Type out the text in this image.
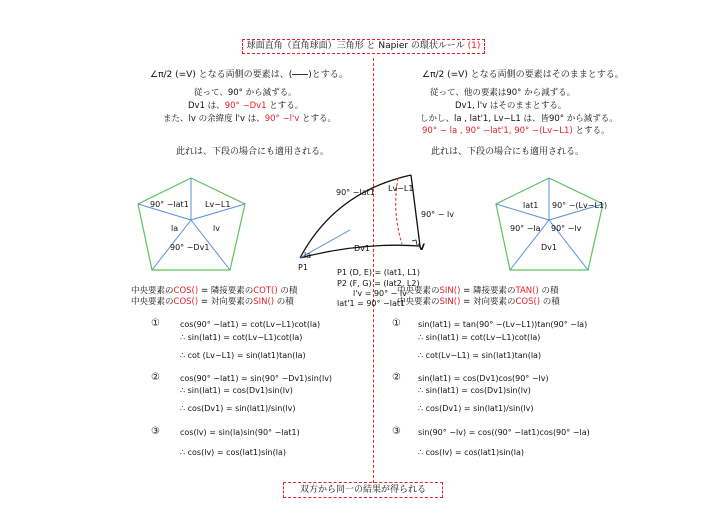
球面直角（直角球面）三角形 と Napier の環状ルール (1)
∠π/2 (=V) となる両側の要素は、( )とする。
従って、90° から減ずる。
Dv1 は、90° −Dv1 とする。
また、lv の余緯度 l'v は、90° −l'v とする。
此れは、下段の場合にも適用される。
∠π/2 (=V) となる両側の要素はそのままとする。
従って、他の要素は90° から減ずる。
Dv1, l'v はそのままとする。
しかし、la , lat'1, Lv−L1 は、皆90° から減ずる。
90° − la , 90° −lat'1, 90° −(Lv−L1) とする。
此れは、下段の場合にも適用される。
90° −lat1 Lv−L1
la	lv
90° −Dv1
lat1 90° −(Lv−L1)
90° −la 90° −lv
Dv1
90° −lat1 Lv−L1
90° − lv
la
Dv1	V
P1
P1 (D, E) = (lat1, L1)
P2 (F, G) = (lat2, L2)
l'v = 90° − lv
lat'1 = 90° −lat1
中央要素のCOS() = 隣接要素のCOT() の積
中央要素のCOS() = 対向要素のSIN() の積
中央要素のSIN() = 隣接要素のTAN() の積
中央要素のSIN() = 対向要素のCOS() の積
①	cos(90° −lat1) = cot(Lv−L1)cot(la)
∴ sin(lat1) = cot(Lv−L1)cot(la)
∴ cot (Lv−L1) = sin(lat1)tan(la)
②	cos(90° −lat1) = sin(90° −Dv1)sin(lv)
∴ sin(lat1) = cos(Dv1)sin(lv)
∴ cos(Dv1) = sin(lat1)/sin(lv)
③	cos(lv) = sin(la)sin(90° −lat1)
∴ cos(lv) = cos(lat1)sin(la)
① sin(lat1) = tan(90° −(Lv−L1))tan(90° −la)
∴ sin(lat1) = cot(Lv−L1)cot(la)
∴ cot(Lv−L1) = sin(lat1)tan(la)
② sin(lat1) = cos(Dv1)cos(90° −lv)
∴ sin(lat1) = cos(Dv1)sin(lv)
∴ cos(Dv1) = sin(lat1)/sin(lv)
③ sin(90° −lv) = cos((90° −lat1)cos(90° −la)
∴ cos(lv) = cos(lat1)sin(la)
双方から同一の結果が得られる
